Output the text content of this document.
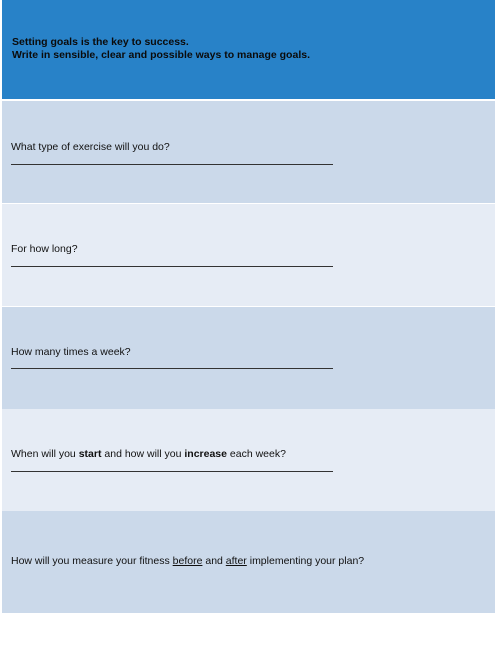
Setting goals is the key to success.
Write in sensible, clear and possible ways to manage goals.
What type of exercise will you do?
For how long?
How many times a week?
When will you start and how will you increase each week?
How will you measure your fitness before and after implementing your plan?
